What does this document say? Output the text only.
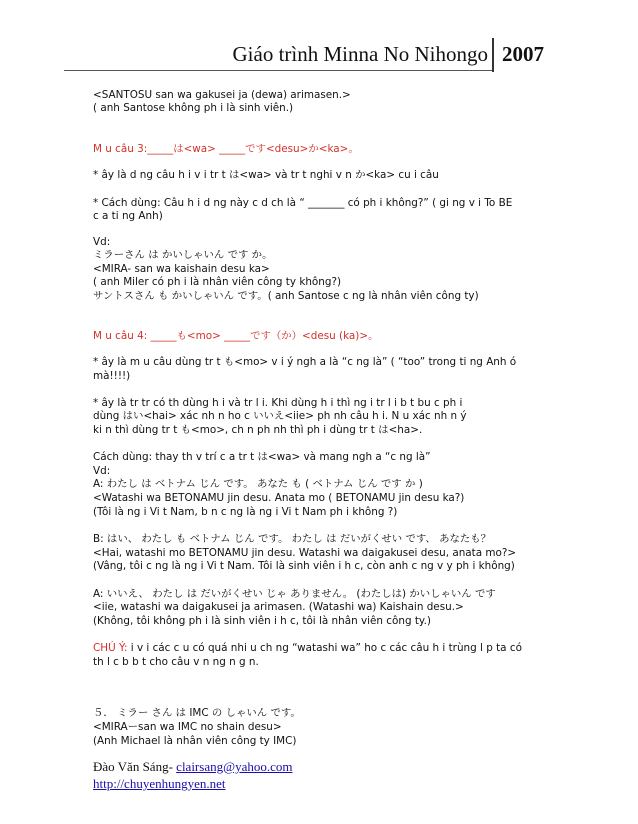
Giáo trình Minna No Nihongo 2007
CHÚ Ý: i v i các c u có quá nhi u ch ng “watashi wa” ho c các câu h i trùng l p ta có
<SANTOSU san wa gakusei ja (dewa) arimasen.>
( anh Santose không ph i là sinh viên.)
M u câu 3:_____は<wa> _____です<desu>か<ka>。
* ây là d ng câu h i v i tr t は<wa> và tr t nghi v n か<ka> cu i câu
* Cách dùng: Câu h i d ng này c d ch là “ _______ có ph i không?” ( gi ng v i To BE
c a ti ng Anh)
Vd:
ミラーさん は かいしゃいん です か。
<MIRA- san wa kaishain desu ka>
( anh Miler có ph i là nhân viên công ty không?)
サントスさん も かいしゃいん です。( anh Santose c ng là nhân viên công ty)
M u câu 4: _____も<mo> _____です（か）<desu (ka)>。
* ây là m u câu dùng tr t も<mo> v i ý ngh a là “c ng là” ( “too” trong ti ng Anh ó
mà!!!!)
* ây là tr tr có th dùng h i và tr l i. Khi dùng h i thì ng i tr l i b t bu c ph i
dùng はい<hai> xác nh n ho c いいえ<iie> ph nh câu h i. N u xác nh n ý
ki n thì dùng tr t も<mo>, ch n ph nh thì ph i dùng tr t は<ha>.
Cách dùng: thay th v trí c a tr t は<wa> và mang ngh a “c ng là”
Vd:
A: わたし は ベトナム じん です。 あなた も ( ベトナム じん です か )
<Watashi wa BETONAMU jin desu. Anata mo ( BETONAMU jin desu ka?)
(Tôi là ng i Vi t Nam, b n c ng là ng i Vi t Nam ph i không ?)
B: はい、 わたし も ベトナム じん です。 わたし は だいがくせい です、 あなたも？
<Hai, watashi mo BETONAMU jin desu. Watashi wa daigakusei desu, anata mo?>
(Vâng, tôi c ng là ng i Vi t Nam. Tôi là sinh viên i h c, còn anh c ng v y ph i không)
A: いいえ、 わたし は だいがくせい じゃ ありません。 (わたしは) かいしゃいん です
<iie, watashi wa daigakusei ja arimasen. (Watashi wa) Kaishain desu.>
(Không, tôi không ph i là sinh viên i h c, tôi là nhân viên công ty.)
th l c b b t cho câu v n ng n g n.
５． ミラー さん は IMC の しゃいん です。
<MIRAーsan wa IMC no shain desu>
(Anh Michael là nhân viên công ty IMC)
Đào Văn Sáng- clairsang@yahoo.com
http://chuyenhungyen.net
